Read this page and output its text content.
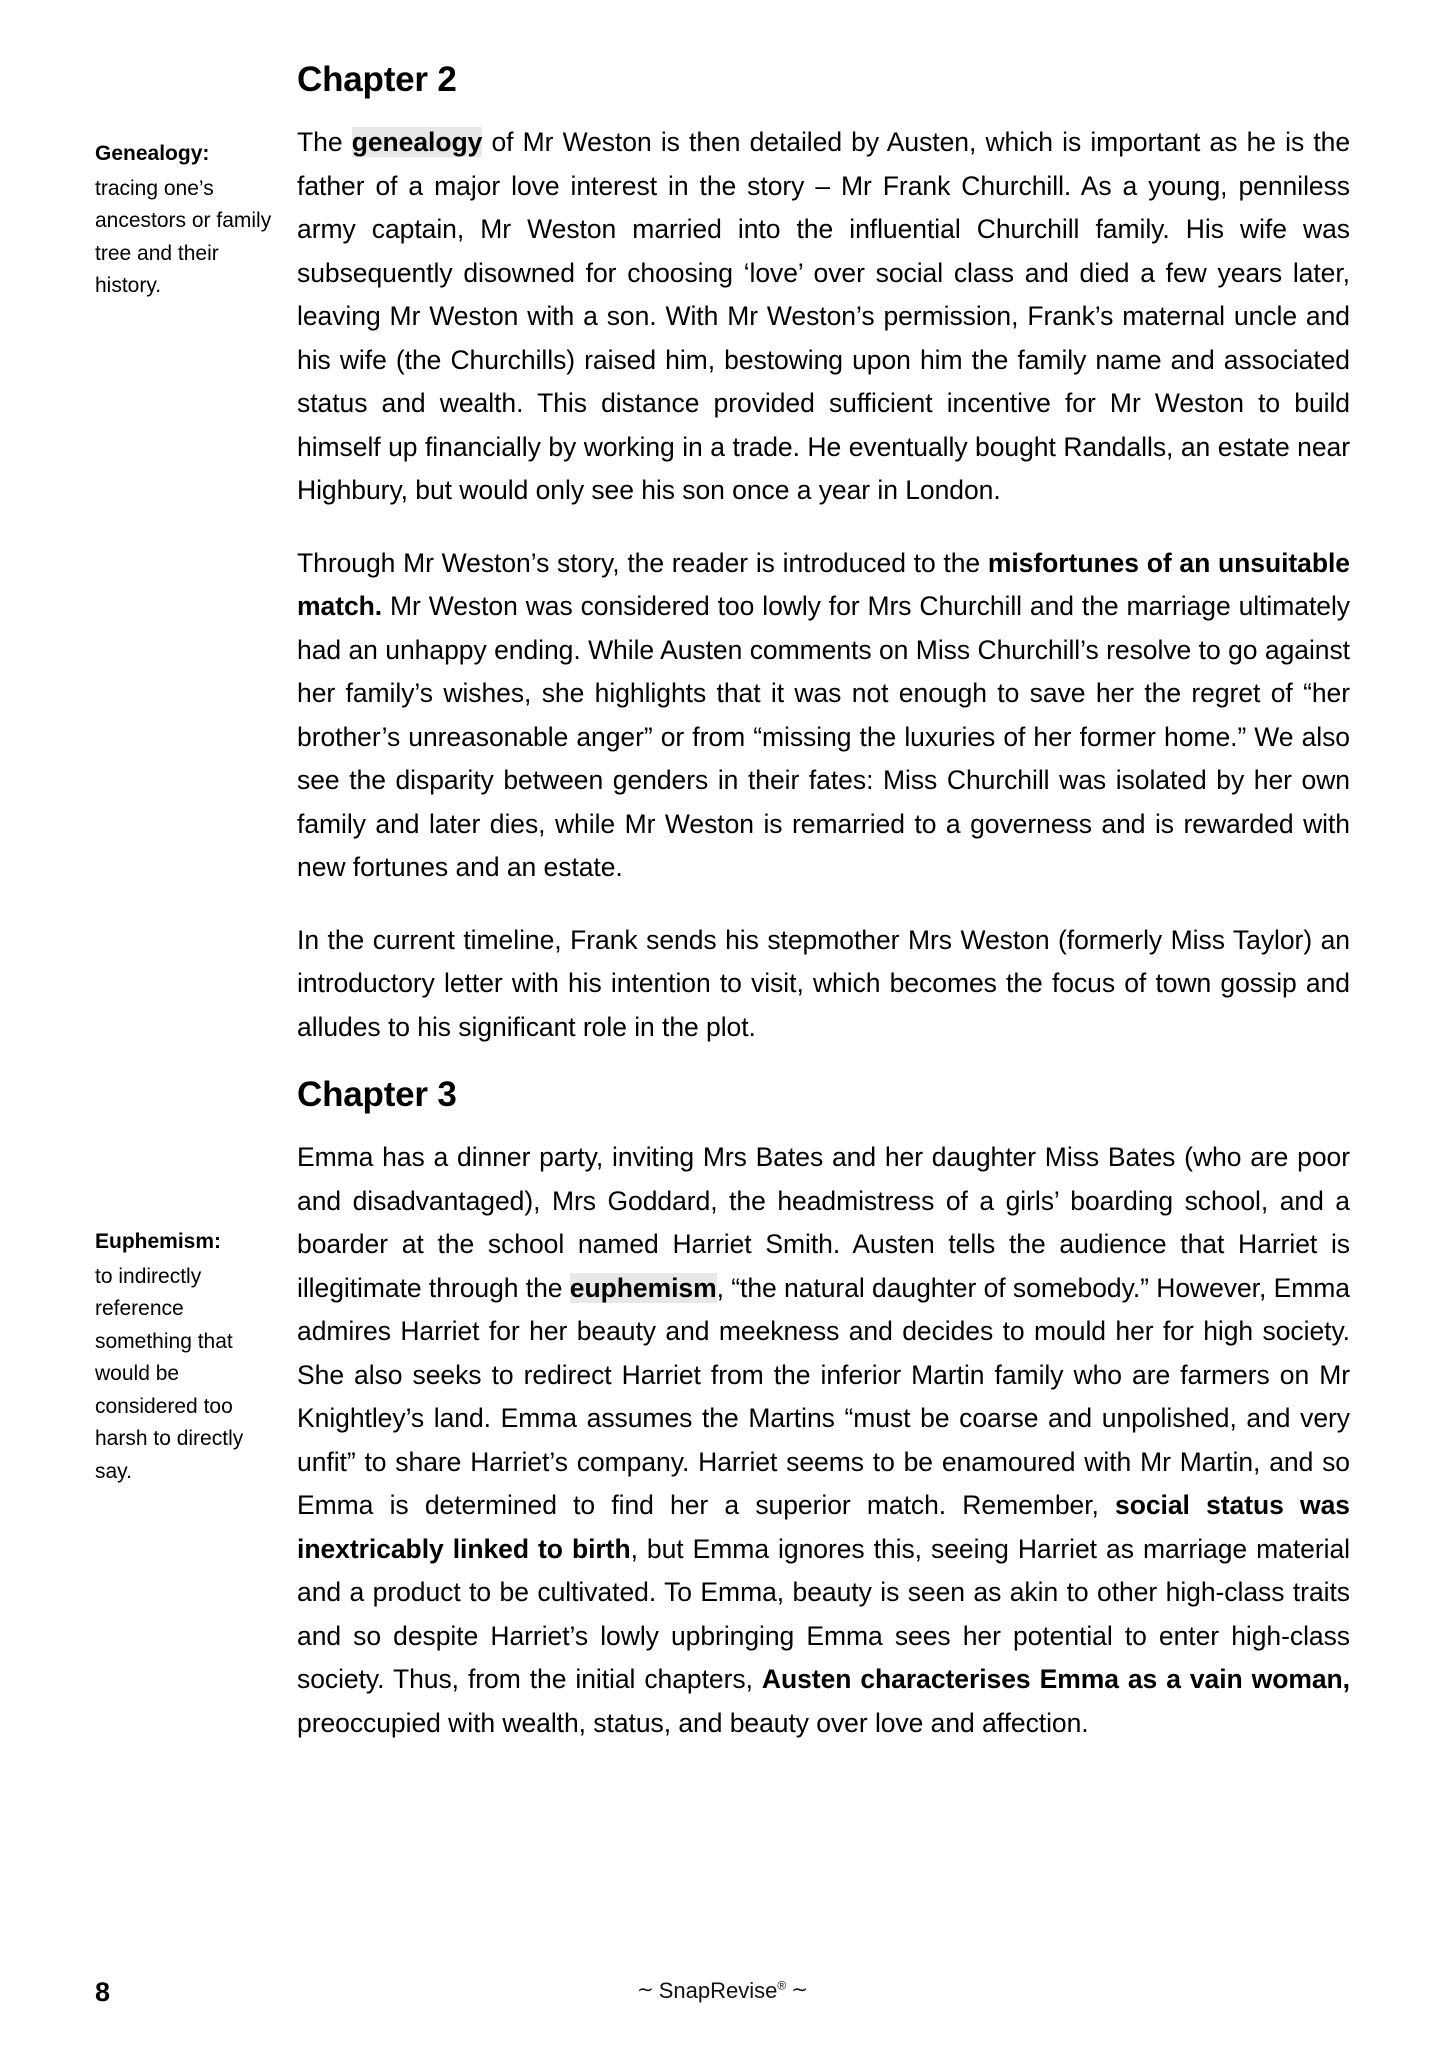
Genealogy:
tracing one’s ancestors or family tree and their history.
Chapter 2

The genealogy of Mr Weston is then detailed by Austen, which is important as he is the father of a major love interest in the story – Mr Frank Churchill. As a young, penniless army captain, Mr Weston married into the influential Churchill family. His wife was subsequently disowned for choosing ‘love’ over social class and died a few years later, leaving Mr Weston with a son. With Mr Weston’s permission, Frank’s maternal uncle and his wife (the Churchills) raised him, bestowing upon him the family name and associated status and wealth. This distance provided sufficient incentive for Mr Weston to build himself up financially by working in a trade. He eventually bought Randalls, an estate near Highbury, but would only see his son once a year in London.

Through Mr Weston’s story, the reader is introduced to the misfortunes of an unsuitable match. Mr Weston was considered too lowly for Mrs Churchill and the marriage ultimately had an unhappy ending. While Austen comments on Miss Churchill’s resolve to go against her family’s wishes, she highlights that it was not enough to save her the regret of “her brother’s unreasonable anger” or from “missing the luxuries of her former home.” We also see the disparity between genders in their fates: Miss Churchill was isolated by her own family and later dies, while Mr Weston is remarried to a governess and is rewarded with new fortunes and an estate.

In the current timeline, Frank sends his stepmother Mrs Weston (formerly Miss Taylor) an introductory letter with his intention to visit, which becomes the focus of town gossip and alludes to his significant role in the plot.

Euphemism:
to indirectly reference something that would be considered too harsh to directly say.
Chapter 3

Emma has a dinner party, inviting Mrs Bates and her daughter Miss Bates (who are poor and disadvantaged), Mrs Goddard, the headmistress of a girls’ boarding school, and a boarder at the school named Harriet Smith. Austen tells the audience that Harriet is illegitimate through the euphemism, “the natural daughter of somebody.” However, Emma admires Harriet for her beauty and meekness and decides to mould her for high society. She also seeks to redirect Harriet from the inferior Martin family who are farmers on Mr Knightley’s land. Emma assumes the Martins “must be coarse and unpolished, and very unfit” to share Harriet’s company. Harriet seems to be enamoured with Mr Martin, and so Emma is determined to find her a superior match. Remember, social status was inextricably linked to birth, but Emma ignores this, seeing Harriet as marriage material and a product to be cultivated. To Emma, beauty is seen as akin to other high-class traits and so despite Harriet’s lowly upbringing Emma sees her potential to enter high-class society. Thus, from the initial chapters, Austen characterises Emma as a vain woman, preoccupied with wealth, status, and beauty over love and affection.

8	∼ SnapRevise® ∼
